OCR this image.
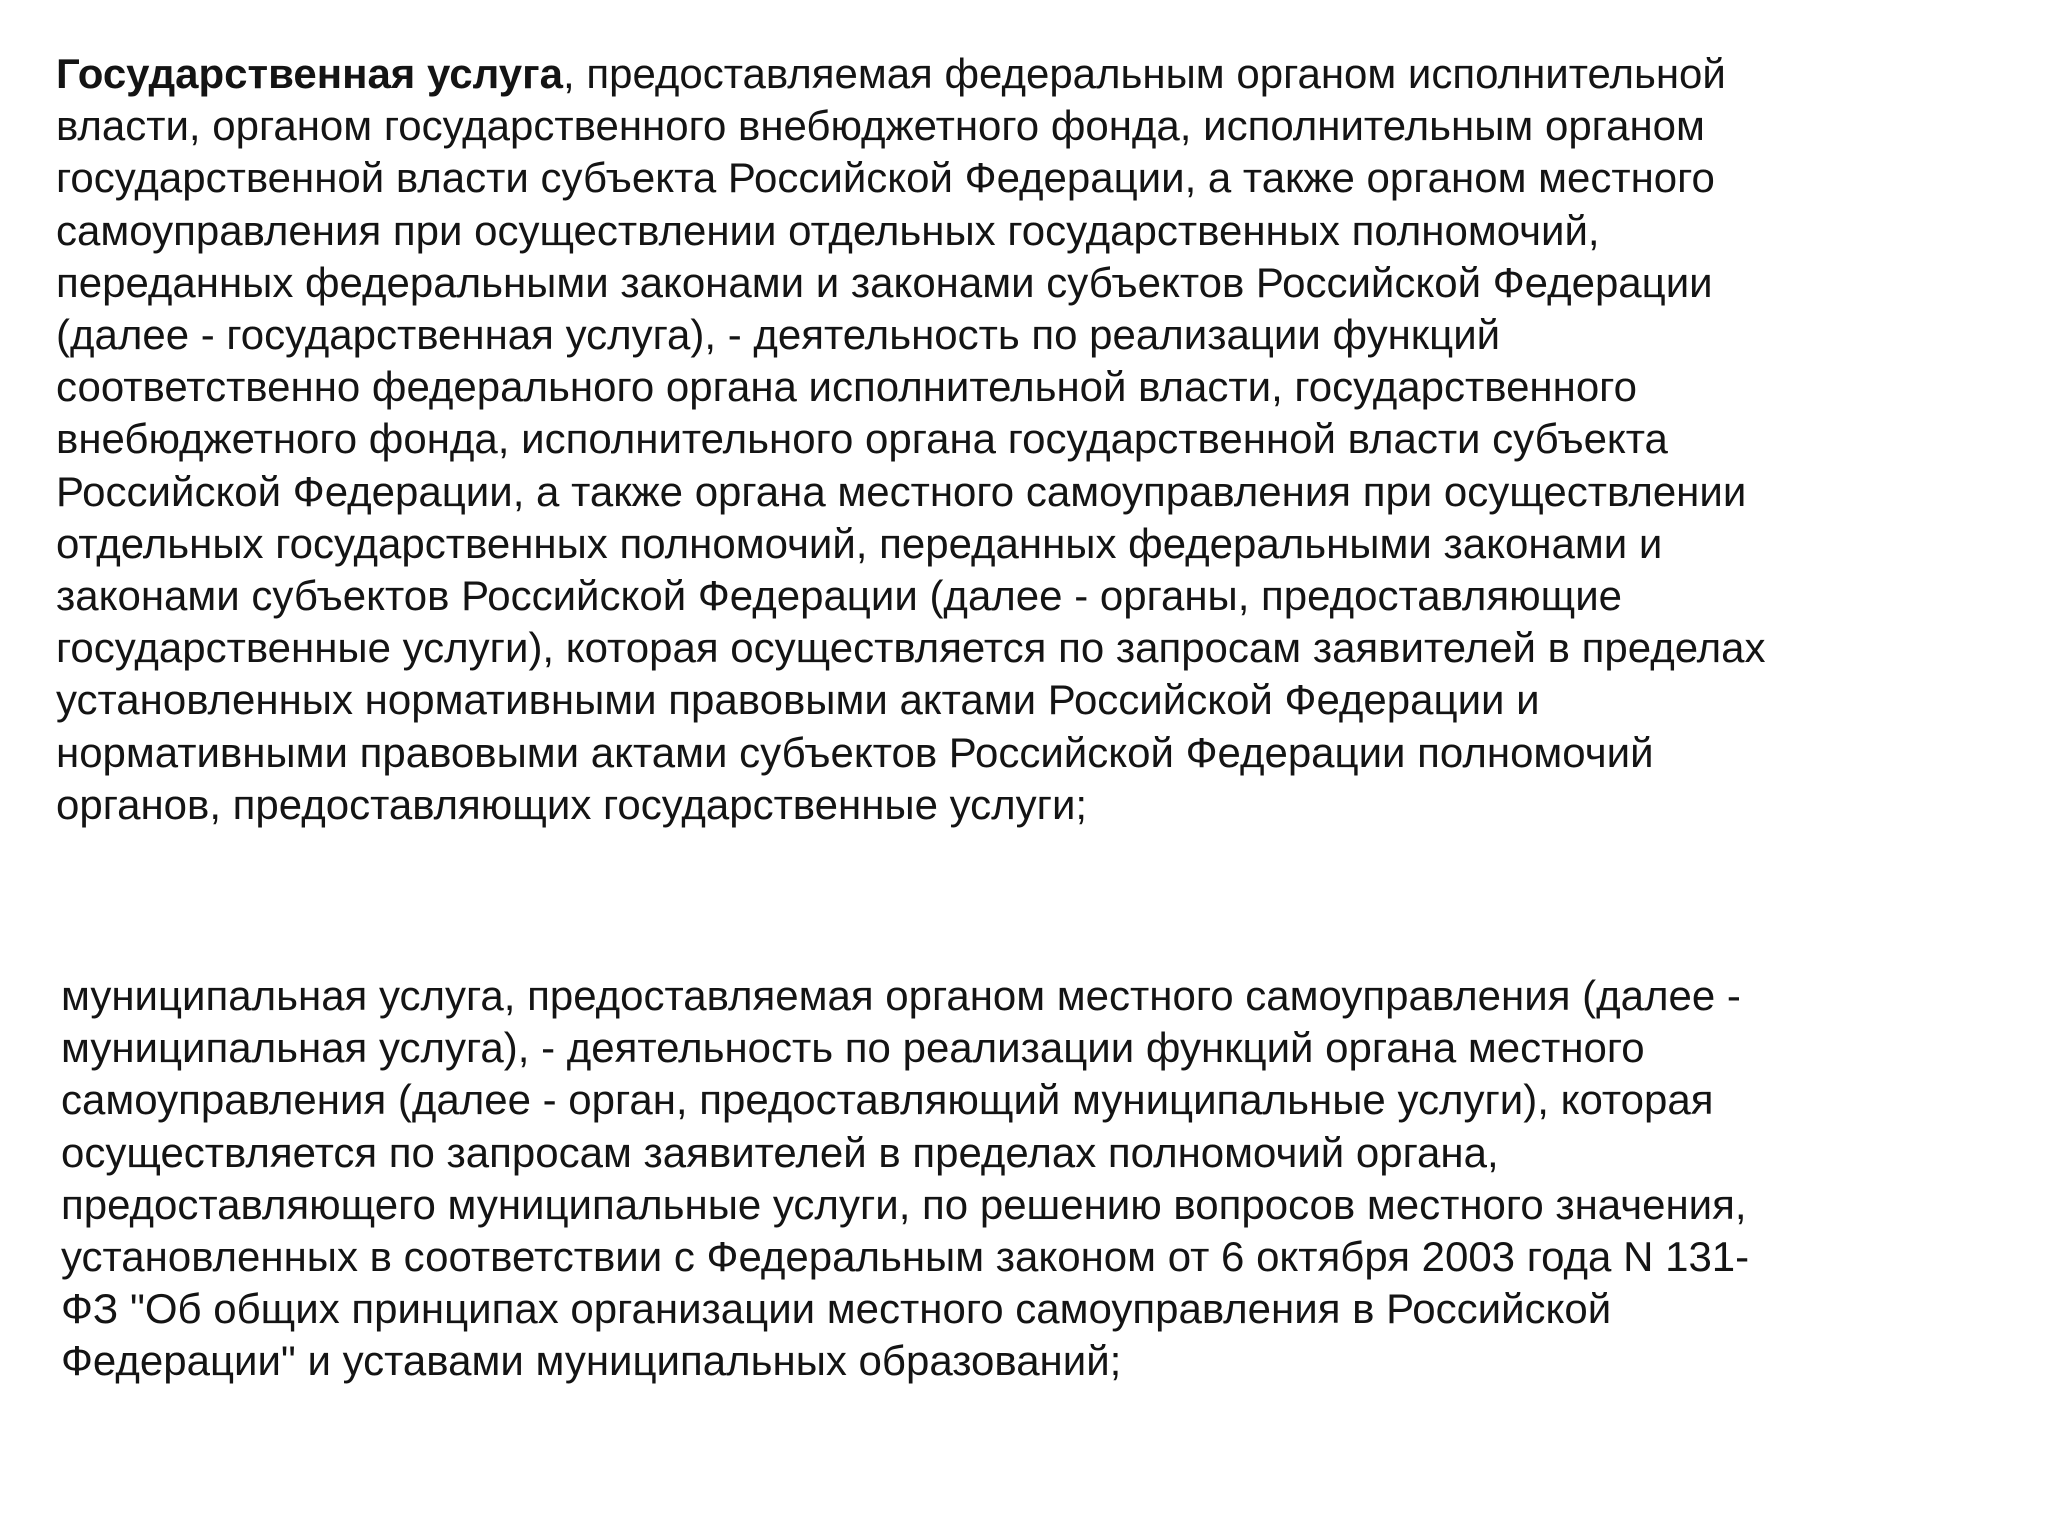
Государственная услуга, предоставляемая федеральным органом исполнительной
власти, органом государственного внебюджетного фонда, исполнительным органом
государственной власти субъекта Российской Федерации, а также органом местного
самоуправления при осуществлении отдельных государственных полномочий,
переданных федеральными законами и законами субъектов Российской Федерации
(далее - государственная услуга), - деятельность по реализации функций
соответственно федерального органа исполнительной власти, государственного
внебюджетного фонда, исполнительного органа государственной власти субъекта
Российской Федерации, а также органа местного самоуправления при осуществлении
отдельных государственных полномочий, переданных федеральными законами и
законами субъектов Российской Федерации (далее - органы, предоставляющие
государственные услуги), которая осуществляется по запросам заявителей в пределах
установленных нормативными правовыми актами Российской Федерации и
нормативными правовыми актами субъектов Российской Федерации полномочий
органов, предоставляющих государственные услуги;

муниципальная услуга, предоставляемая органом местного самоуправления (далее -
муниципальная услуга), - деятельность по реализации функций органа местного
самоуправления (далее - орган, предоставляющий муниципальные услуги), которая
осуществляется по запросам заявителей в пределах полномочий органа,
предоставляющего муниципальные услуги, по решению вопросов местного значения,
установленных в соответствии с Федеральным законом от 6 октября 2003 года N 131-
ФЗ "Об общих принципах организации местного самоуправления в Российской
Федерации" и уставами муниципальных образований;
